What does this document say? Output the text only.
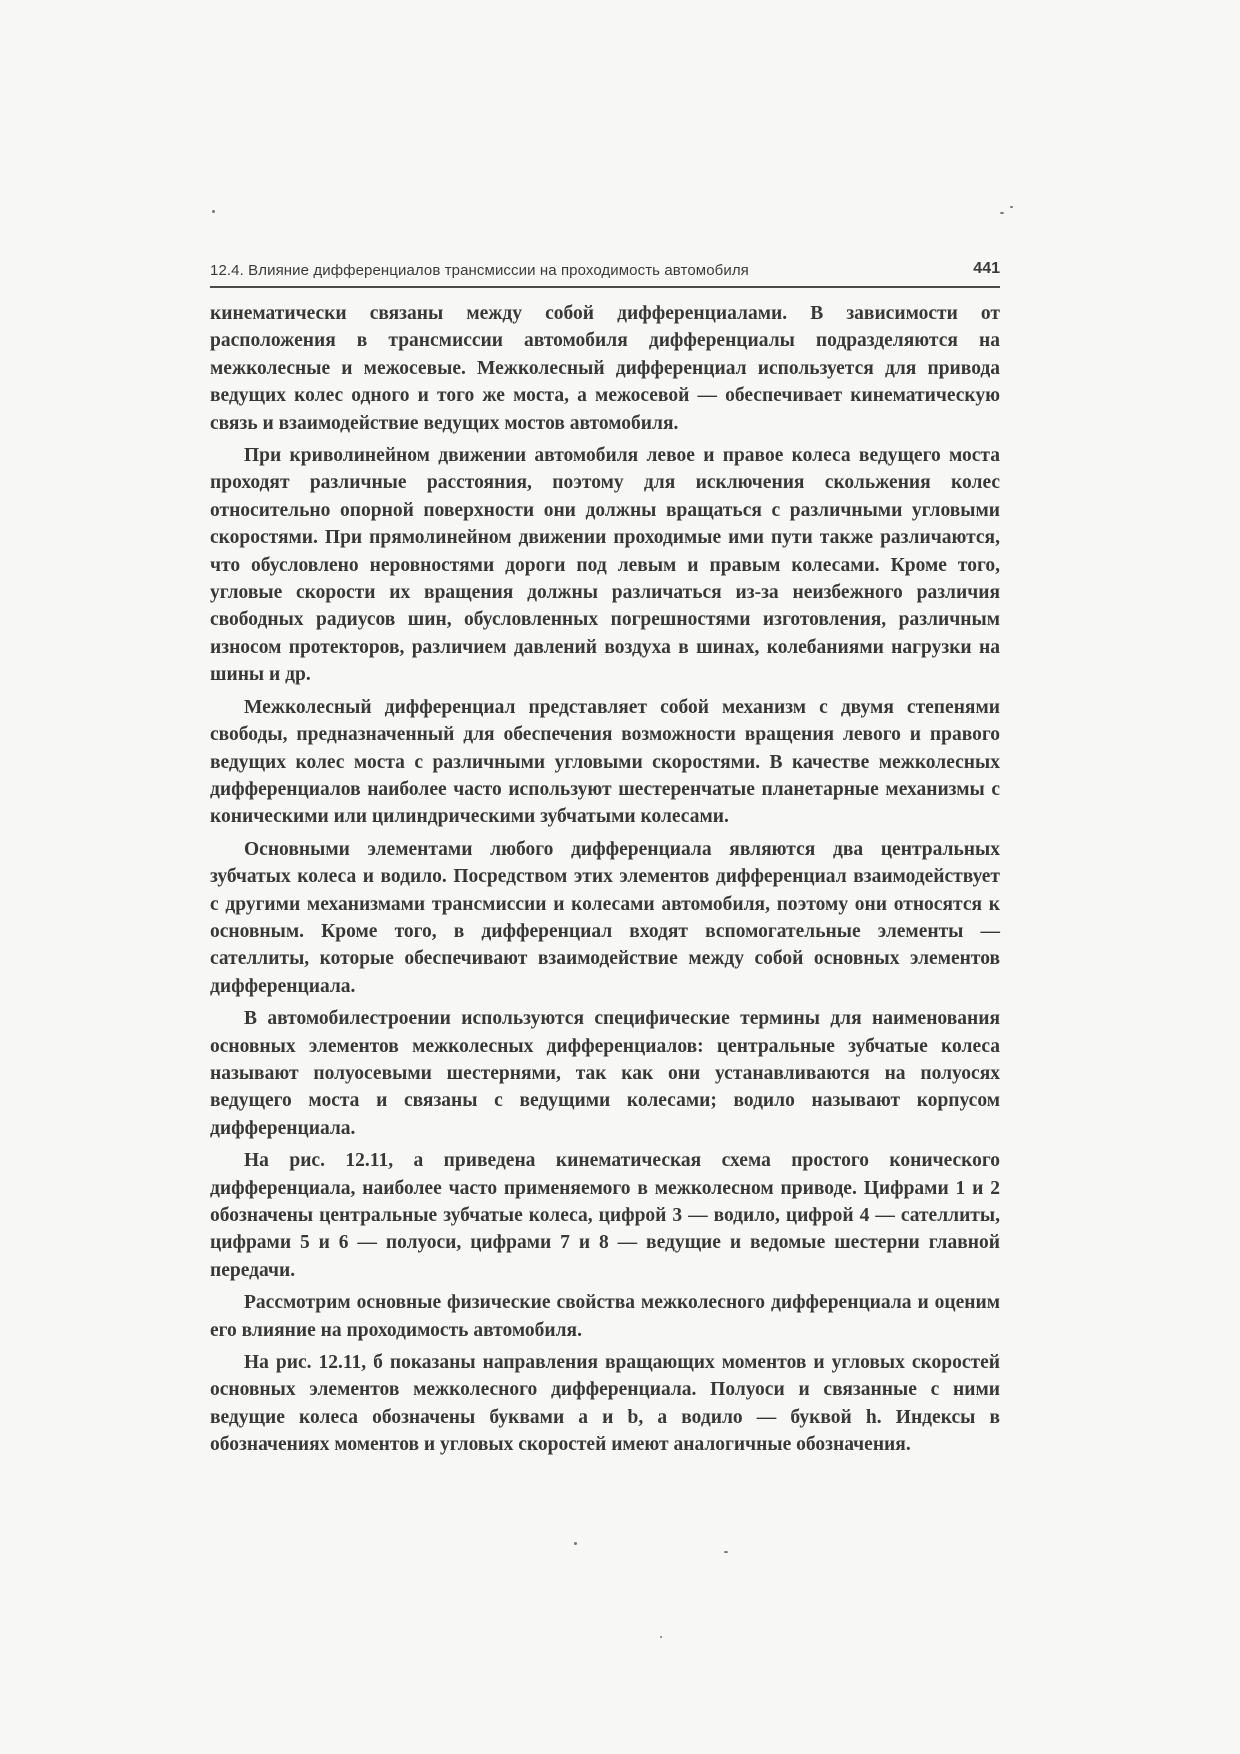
12.4. Влияние дифференциалов трансмиссии на проходимость автомобиля	441

кинематически связаны между собой дифференциалами. В зависимости от расположения в трансмиссии автомобиля дифференциалы подразделяются на межколесные и межосевые. Межколесный дифференциал используется для привода ведущих колес одного и того же моста, а межосевой — обеспечивает кинематическую связь и взаимодействие ведущих мостов автомобиля.

При криволинейном движении автомобиля левое и правое колеса ведущего моста проходят различные расстояния, поэтому для исключения скольжения колес относительно опорной поверхности они должны вращаться с различными угловыми скоростями. При прямолинейном движении проходимые ими пути также различаются, что обусловлено неровностями дороги под левым и правым колесами. Кроме того, угловые скорости их вращения должны различаться из-за неизбежного различия свободных радиусов шин, обусловленных погрешностями изготовления, различным износом протекторов, различием давлений воздуха в шинах, колебаниями нагрузки на шины и др.

Межколесный дифференциал представляет собой механизм с двумя степенями свободы, предназначенный для обеспечения возможности вращения левого и правого ведущих колес моста с различными угловыми скоростями. В качестве межколесных дифференциалов наиболее часто используют шестеренчатые планетарные механизмы с коническими или цилиндрическими зубчатыми колесами.

Основными элементами любого дифференциала являются два центральных зубчатых колеса и водило. Посредством этих элементов дифференциал взаимодействует с другими механизмами трансмиссии и колесами автомобиля, поэтому они относятся к основным. Кроме того, в дифференциал входят вспомогательные элементы — сателлиты, которые обеспечивают взаимодействие между собой основных элементов дифференциала.

В автомобилестроении используются специфические термины для наименования основных элементов межколесных дифференциалов: центральные зубчатые колеса называют полуосевыми шестернями, так как они устанавливаются на полуосях ведущего моста и связаны с ведущими колесами; водило называют корпусом дифференциала.

На рис. 12.11, а приведена кинематическая схема простого конического дифференциала, наиболее часто применяемого в межколесном приводе. Цифрами 1 и 2 обозначены центральные зубчатые колеса, цифрой 3 — водило, цифрой 4 — сателлиты, цифрами 5 и 6 — полуоси, цифрами 7 и 8 — ведущие и ведомые шестерни главной передачи.

Рассмотрим основные физические свойства межколесного дифференциала и оценим его влияние на проходимость автомобиля.

На рис. 12.11, б показаны направления вращающих моментов и угловых скоростей основных элементов межколесного дифференциала. Полуоси и связанные с ними ведущие колеса обозначены буквами a и b, а водило — буквой h. Индексы в обозначениях моментов и угловых скоростей имеют аналогичные обозначения.
